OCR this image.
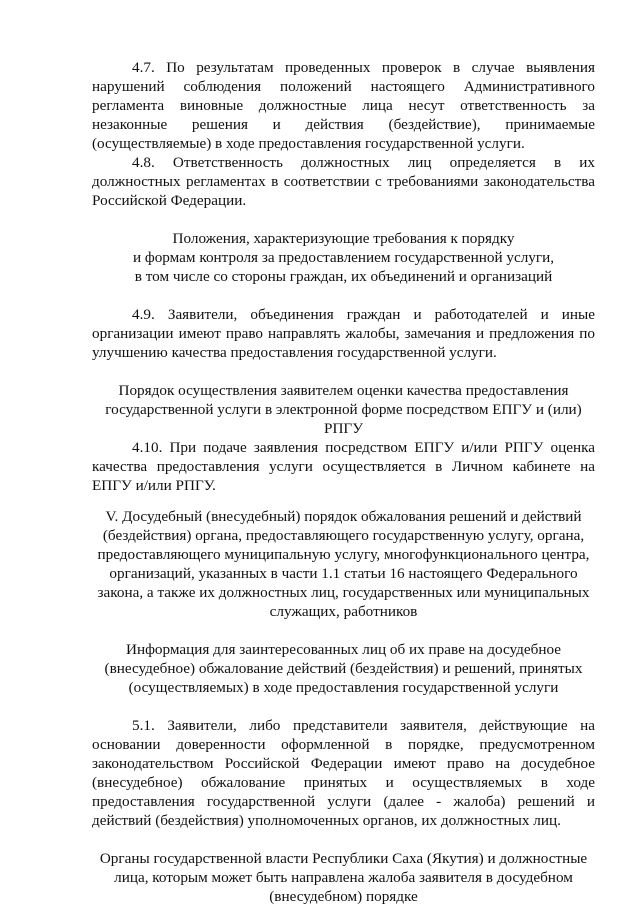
4.7. По результатам проведенных проверок в случае выявления нарушений соблюдения положений настоящего Административного регламента виновные должностные лица несут ответственность за незаконные решения и действия (бездействие), принимаемые (осуществляемые) в ходе предоставления государственной услуги.

4.8. Ответственность должностных лиц определяется в их должностных регламентах в соответствии с требованиями законодательства Российской Федерации.

Положения, характеризующие требования к порядку

и формам контроля за предоставлением государственной услуги,

в том числе со стороны граждан, их объединений и организаций

4.9. Заявители, объединения граждан и работодателей и иные организации имеют право направлять жалобы, замечания и предложения по улучшению качества предоставления государственной услуги.

Порядок осуществления заявителем оценки качества предоставления

государственной услуги в электронной форме посредством ЕПГУ и (или)

РПГУ

4.10. При подаче заявления посредством ЕПГУ и/или РПГУ оценка качества предоставления услуги осуществляется в Личном кабинете на ЕПГУ и/или РПГУ.

V. Досудебный (внесудебный) порядок обжалования решений и действий

(бездействия) органа, предоставляющего государственную услугу, органа,

предоставляющего муниципальную услугу, многофункционального центра,

организаций, указанных в части 1.1 статьи 16 настоящего Федерального

закона, а также их должностных лиц, государственных или муниципальных

служащих, работников

Информация для заинтересованных лиц об их праве на досудебное

(внесудебное) обжалование действий (бездействия) и решений, принятых

(осуществляемых) в ходе предоставления государственной услуги

5.1. Заявители, либо представители заявителя, действующие на основании доверенности оформленной в порядке, предусмотренном законодательством Российской Федерации имеют право на досудебное (внесудебное) обжалование принятых и осуществляемых в ходе предоставления государственной услуги (далее - жалоба) решений и действий (бездействия) уполномоченных органов, их должностных лиц.

Органы государственной власти Республики Саха (Якутия) и должностные

лица, которым может быть направлена жалоба заявителя в досудебном

(внесудебном) порядке
